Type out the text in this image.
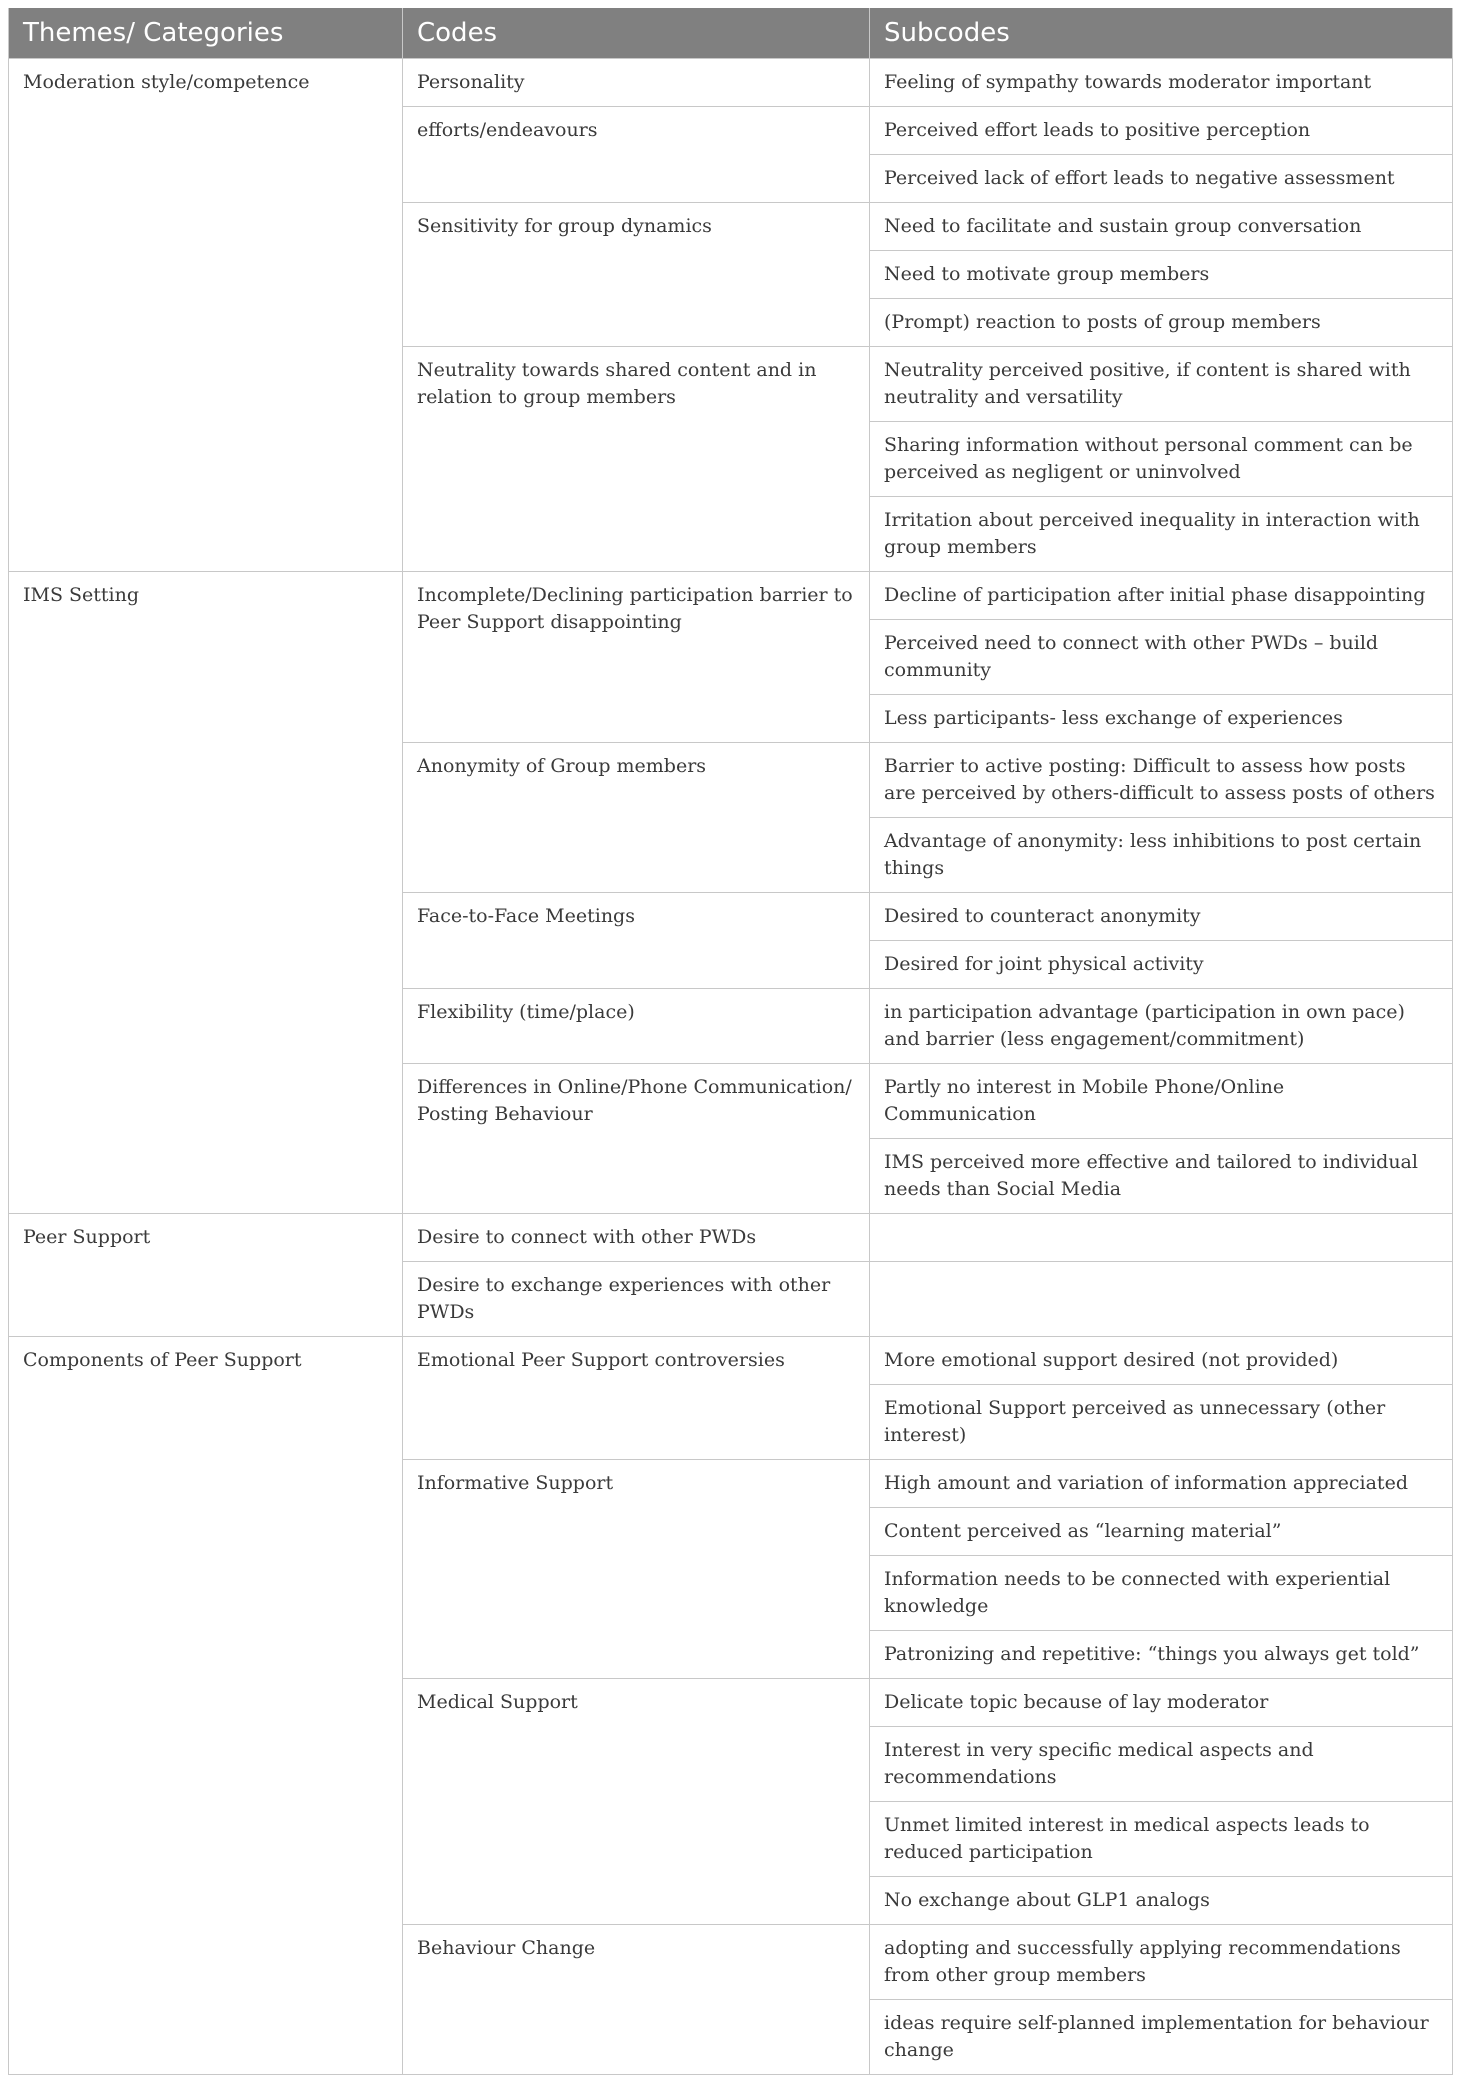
Themes/ Categories	Codes	Subcodes
Moderation style/competence	Personality	Feeling of sympathy towards moderator important
	efforts/endeavours	Perceived effort leads to positive perception
		Perceived lack of effort leads to negative assessment
	Sensitivity for group dynamics	Need to facilitate and sustain group conversation
		Need to motivate group members
		(Prompt) reaction to posts of group members
	Neutrality towards shared content and in relation to group members	Neutrality perceived positive, if content is shared with neutrality and versatility
		Sharing information without personal comment can be perceived as negligent or uninvolved
		Irritation about perceived inequality in interaction with group members
IMS Setting	Incomplete/Declining participation barrier to Peer Support disappointing	Decline of participation after initial phase disappointing
		Perceived need to connect with other PWDs – build community
		Less participants- less exchange of experiences
	Anonymity of Group members	Barrier to active posting: Difficult to assess how posts are perceived by others-difficult to assess posts of others
		Advantage of anonymity: less inhibitions to post certain things
	Face-to-Face Meetings	Desired to counteract anonymity
		Desired for joint physical activity
	Flexibility (time/place)	in participation advantage (participation in own pace) and barrier (less engagement/commitment)
	Differences in Online/Phone Communication/ Posting Behaviour	Partly no interest in Mobile Phone/Online Communication
		IMS perceived more effective and tailored to individual needs than Social Media
Peer Support	Desire to connect with other PWDs	
	Desire to exchange experiences with other PWDs	
Components of Peer Support	Emotional Peer Support controversies	More emotional support desired (not provided)
		Emotional Support perceived as unnecessary (other interest)
	Informative Support	High amount and variation of information appreciated
		Content perceived as “learning material”
		Information needs to be connected with experiential knowledge
		Patronizing and repetitive: “things you always get told”
	Medical Support	Delicate topic because of lay moderator
		Interest in very specific medical aspects and recommendations
		Unmet limited interest in medical aspects leads to reduced participation
		No exchange about GLP1 analogs
	Behaviour Change	adopting and successfully applying recommendations from other group members
		ideas require self-planned implementation for behaviour change
